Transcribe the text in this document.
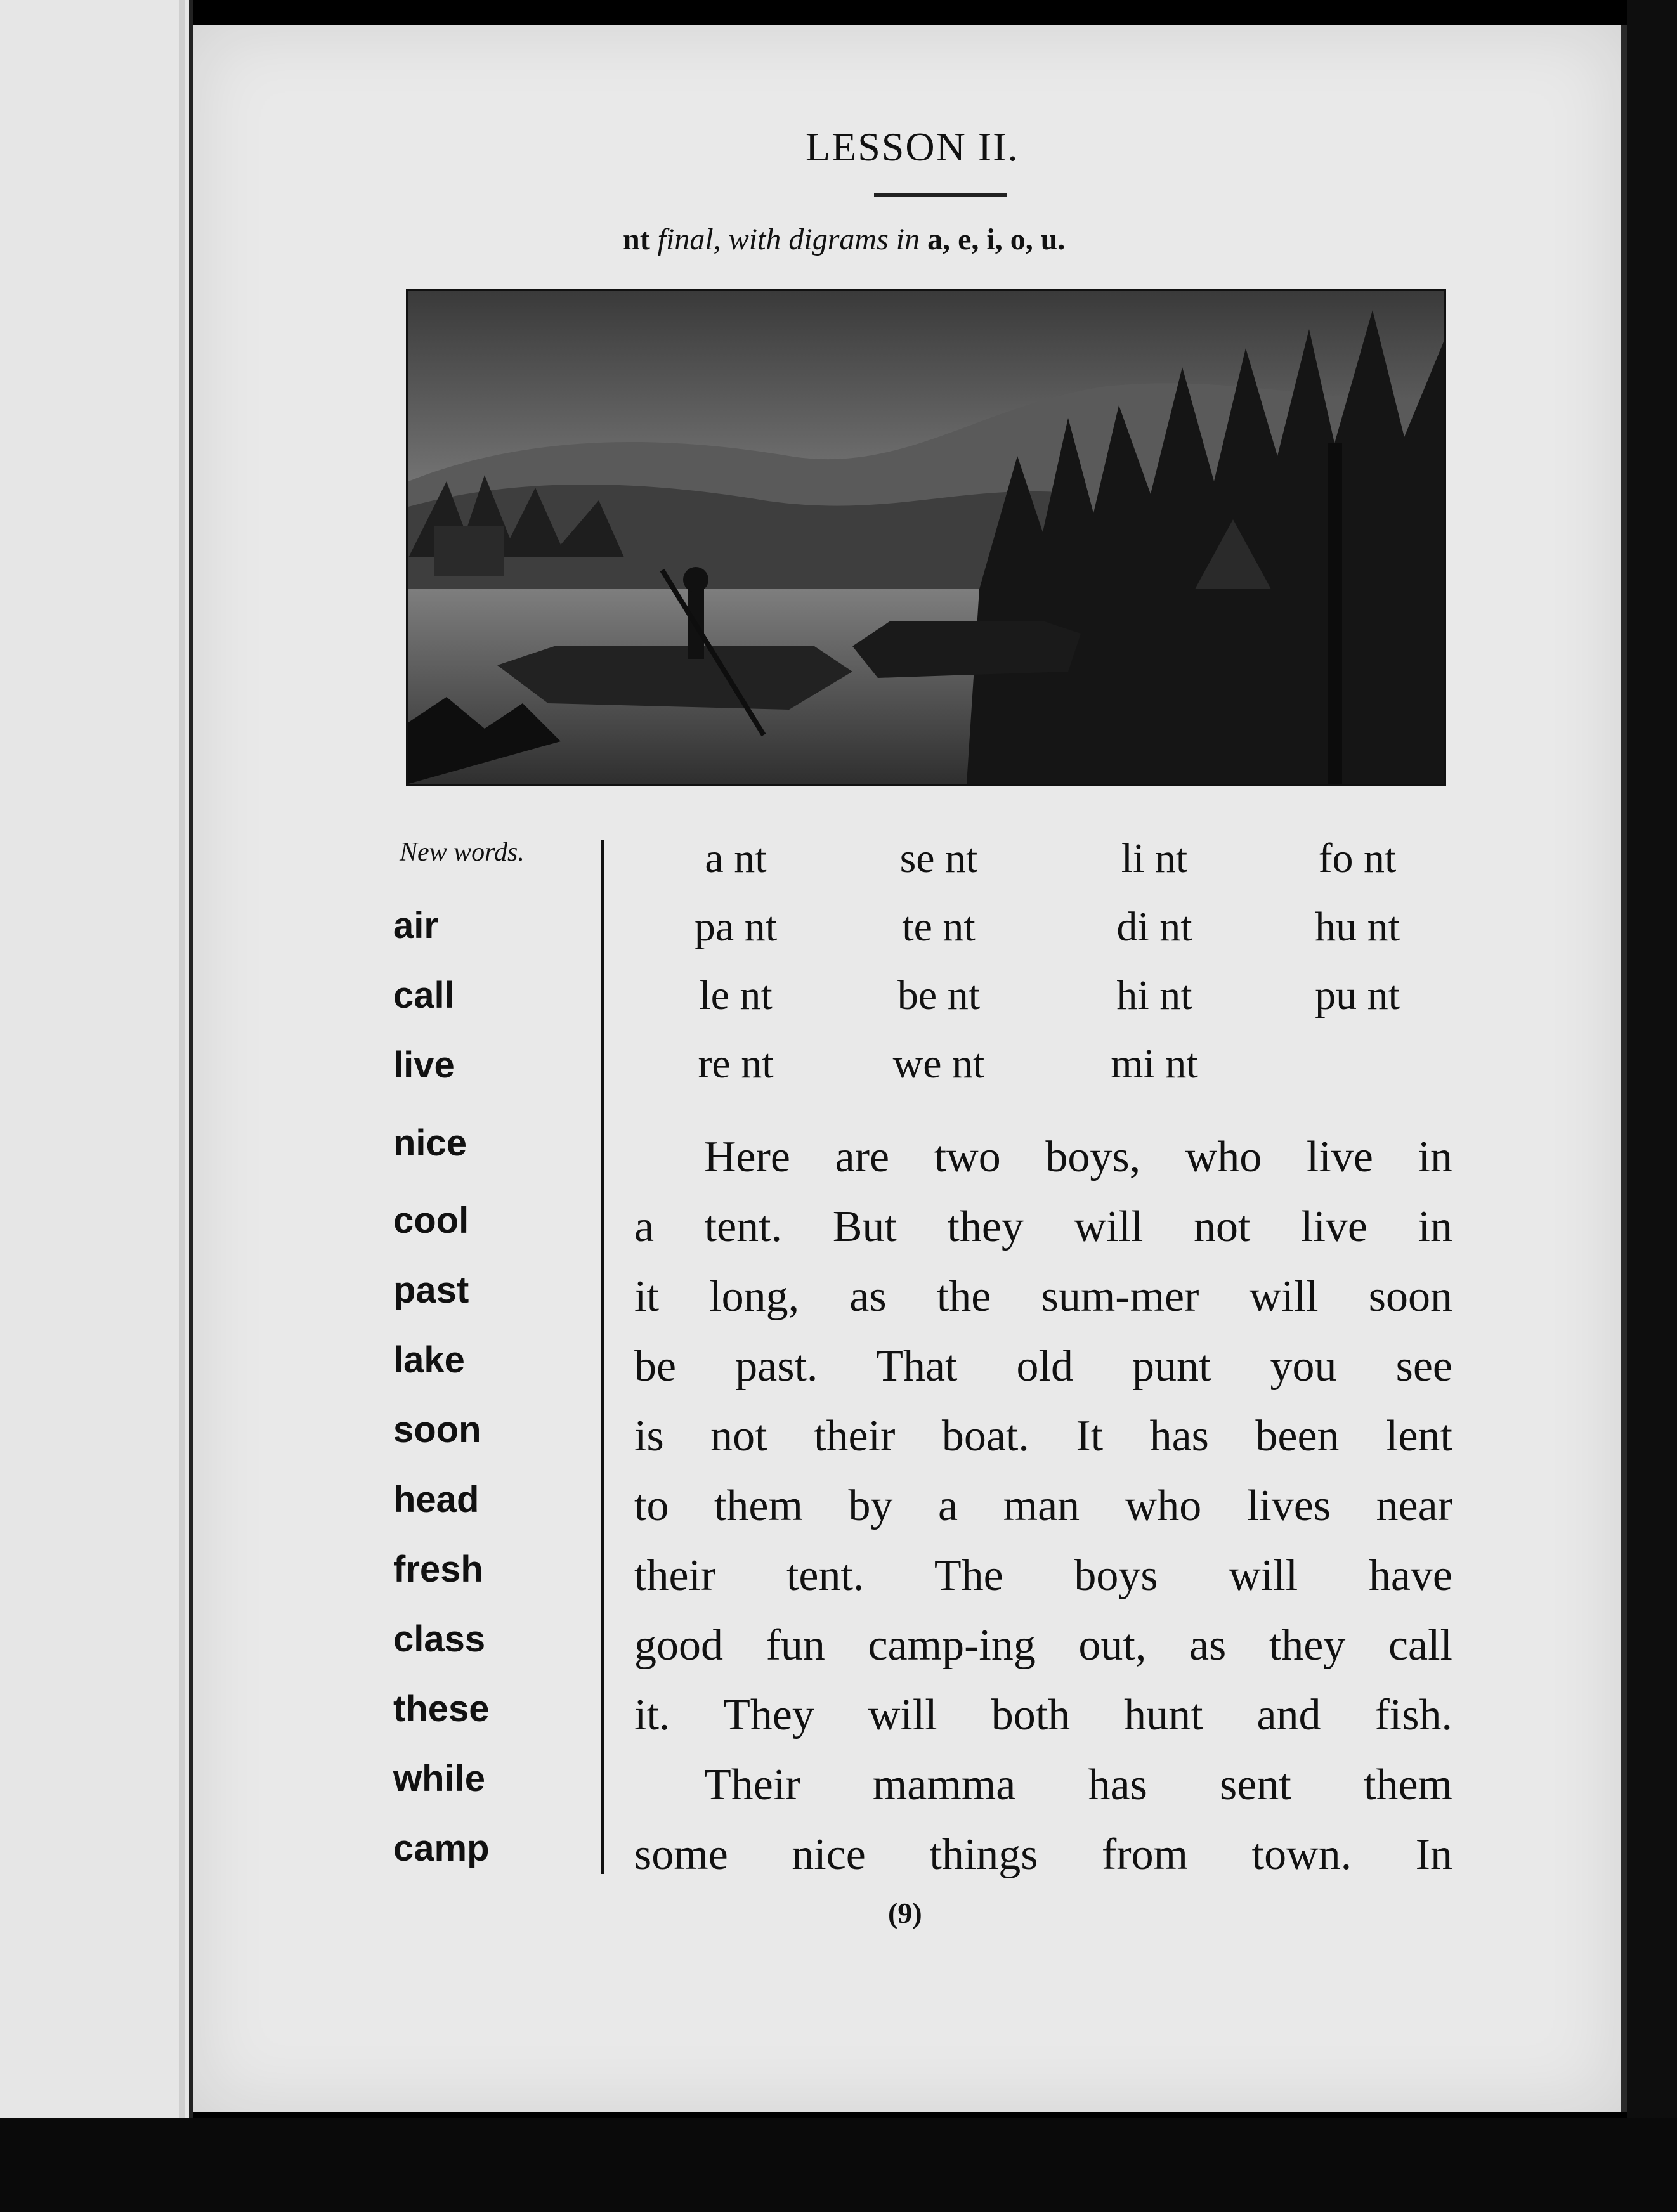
LESSON II.
nt final, with digrams in a, e, i, o, u.
New words.
air
call
live
nice
cool
past
lake
soon
head
fresh
class
these
while
camp
a nt
pa nt
le nt
re nt
se nt
te nt
be nt
we nt
li nt
di nt
hi nt
mi nt
fo nt
hu nt
pu nt
Here are two boys, who live in
a tent. But they will not live in
it long, as the sum-mer will soon
be past. That old punt you see
is not their boat. It has been lent
to them by a man who lives near
their tent. The boys will have
good fun camp-ing out, as they call
it. They will both hunt and fish.
Their mamma has sent them
some nice things from town. In
(9)
